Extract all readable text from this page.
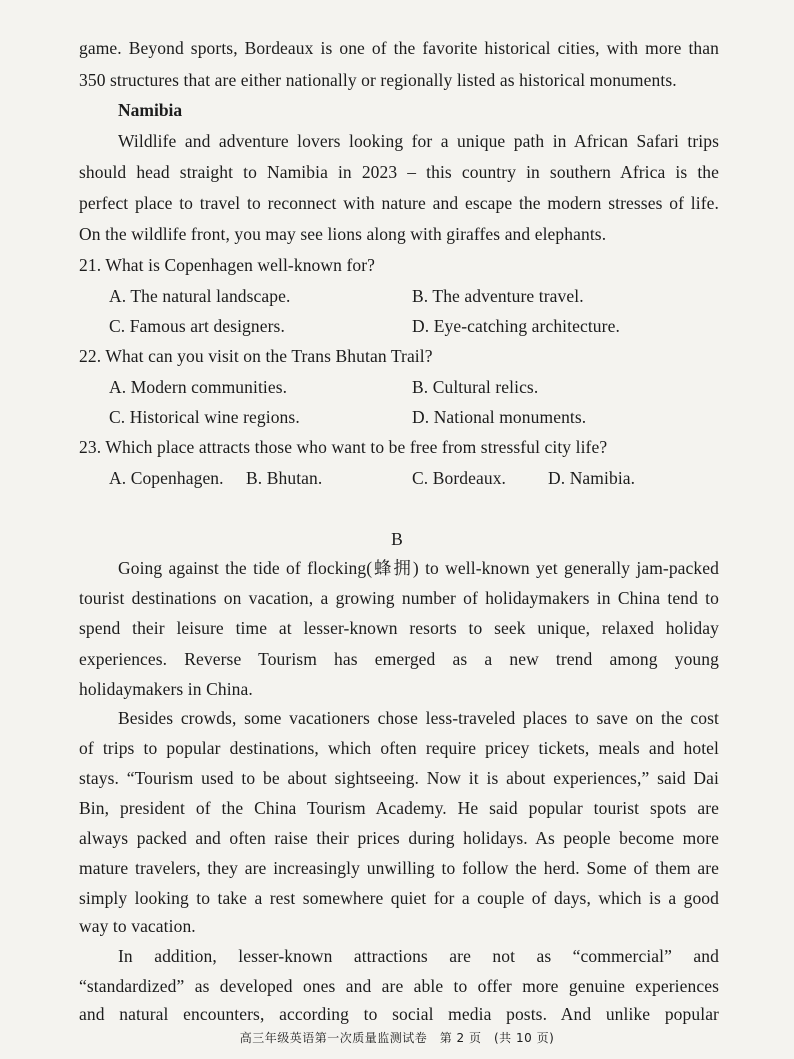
game. Beyond sports, Bordeaux is one of the favorite historical cities, with more than
350 structures that are either nationally or regionally listed as historical monuments.
Namibia
Wildlife and adventure lovers looking for a unique path in African Safari trips
should head straight to Namibia in 2023 – this country in southern Africa is the
perfect place to travel to reconnect with nature and escape the modern stresses of life.
On the wildlife front, you may see lions along with giraffes and elephants.
21. What is Copenhagen well-known for?
A. The natural landscape.	B. The adventure travel.
C. Famous art designers.	D. Eye-catching architecture.
22. What can you visit on the Trans Bhutan Trail?
A. Modern communities.	B. Cultural relics.
C. Historical wine regions.	D. National monuments.
23. Which place attracts those who want to be free from stressful city life?
A. Copenhagen.	B. Bhutan.	C. Bordeaux.	D. Namibia.
B
Going against the tide of flocking(蜂拥) to well-known yet generally jam-packed
tourist destinations on vacation, a growing number of holidaymakers in China tend to
spend their leisure time at lesser-known resorts to seek unique, relaxed holiday
experiences. Reverse Tourism has emerged as a new trend among young
holidaymakers in China.
Besides crowds, some vacationers chose less-traveled places to save on the cost
of trips to popular destinations, which often require pricey tickets, meals and hotel
stays. “Tourism used to be about sightseeing. Now it is about experiences,” said Dai
Bin, president of the China Tourism Academy. He said popular tourist spots are
always packed and often raise their prices during holidays. As people become more
mature travelers, they are increasingly unwilling to follow the herd. Some of them are
simply looking to take a rest somewhere quiet for a couple of days, which is a good
way to vacation.
In addition, lesser-known attractions are not as “commercial” and
“standardized” as developed ones and are able to offer more genuine experiences
and natural encounters, according to social media posts. And unlike popular
高三年级英语第一次质量监测试卷　第 2 页　(共 10 页)
